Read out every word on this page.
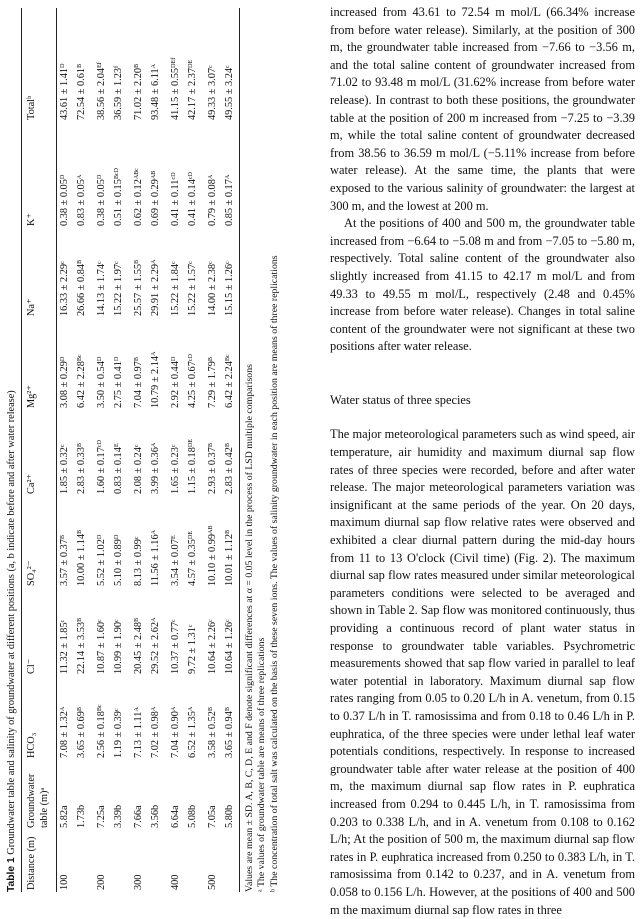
Table 1 Groundwater table and salinity of groundwater at different positions (a, b indicate before and after water release)
Distance (m)	Groundwater table (m)ᵃ	HCO₃	Cl⁻	SO₄²⁻	Ca²⁺	Mg²⁺	Na⁺	K⁺	Totalᵇ
100	5.82a	7.08 ± 1.32ᴬ	11.32 ± 1.85ᶜ	3.57 ± 0.37ᴮ	1.85 ± 0.32ᶜ	3.08 ± 0.29ᴰ	16.33 ± 2.29ᶜ	0.38 ± 0.05ᴰ	43.61 ± 1.41ᴰ
	1.73b	3.65 ± 0.69ᴮ	22.14 ± 3.53ᴮ	10.00 ± 1.14ᴮ	2.83 ± 0.33ᴮ	6.42 ± 2.28ᴮᶜ	26.66 ± 0.84ᴮ	0.83 ± 0.05ᴬ	72.54 ± 0.61ᴮ
200	7.25a	2.56 ± 0.18ᴮᶜ	10.87 ± 1.60ᶜ	5.52 ± 1.02ᴰ	1.60 ± 0.17ᶜᴰ	3.50 ± 0.54ᴰ	14.13 ± 1.74ᶜ	0.38 ± 0.05ᴰ	38.56 ± 2.04ᴱᶠ
	3.39b	1.19 ± 0.39ᶜ	10.99 ± 1.90ᶜ	5.10 ± 0.89ᴰ	0.83 ± 0.14ᴱ	2.75 ± 0.41ᴰ	15.22 ± 1.97ᶜ	0.51 ± 0.15ᴮᶜᴰ	36.59 ± 1.23ᶠ
300	7.66a	7.13 ± 1.11ᴬ	20.45 ± 2.48ᴮ	8.13 ± 0.99ᶜ	2.08 ± 0.24ᶜ	7.04 ± 0.97ᴮ	25.57 ± 1.55ᴮ	0.62 ± 0.12ᴬᴮᶜ	71.02 ± 2.20ᴮ
	3.56b	7.02 ± 0.98ᴬ	29.52 ± 2.62ᴬ	11.56 ± 1.16ᴬ	3.99 ± 0.36ᴬ	10.79 ± 2.14ᴬ	29.91 ± 2.29ᴬ	0.69 ± 0.29ᴬᴮ	93.48 ± 6.11ᴬ
400	6.64a	7.04 ± 0.90ᴬ	10.37 ± 0.77ᶜ	3.54 ± 0.07ᴱ	1.65 ± 0.23ᶜ	2.92 ± 0.44ᴰ	15.22 ± 1.84ᶜ	0.41 ± 0.11ᶜᴰ	41.15 ± 0.55ᴰᴱᶠ
	5.08b	6.52 ± 1.35ᴬ	9.72 ± 1.31ᶜ	4.57 ± 0.35ᴰᴱ	1.15 ± 0.18ᴰᴱ	4.25 ± 0.67ᶜᴰ	15.22 ± 1.57ᶜ	0.41 ± 0.14ᶜᴰ	42.17 ± 2.37ᴰᴱ
500	7.05a	3.58 ± 0.52ᴮ	10.64 ± 2.26ᶜ	10.10 ± 0.99ᴬᴮ	2.93 ± 0.37ᴮ	7.29 ± 1.79ᴮ	14.00 ± 2.38ᶜ	0.79 ± 0.08ᴬ	49.33 ± 3.07ᶜ
	5.80b	3.65 ± 0.94ᴮ	10.64 ± 1.26ᶜ	10.01 ± 1.12ᴮ	2.83 ± 0.42ᴮ	6.42 ± 2.24ᴮᶜ	15.15 ± 1.26ᶜ	0.85 ± 0.17ᴬ	49.55 ± 3.24ᶜ
Values are mean ± SD. A, B, C, D, E and F denote significant differences at α = 0.05 level in the process of LSD multiple comparisons ᵃ The values of groundwater table are means of three replications ᵇ The concentration of total salt was calculated on the basis of these seven ions. The values of salinity groundwater in each position are means of three replications

increased from 43.61 to 72.54 m mol/L (66.34% increase from before water release). Similarly, at the position of 300 m, the groundwater table increased from −7.66 to −3.56 m, and the total saline content of groundwater increased from 71.02 to 93.48 m mol/L (31.62% increase from before water release). In contrast to both these positions, the groundwater table at the position of 200 m increased from −7.25 to −3.39 m, while the total saline content of groundwater decreased from 38.56 to 36.59 m mol/L (−5.11% increase from before water release). At the same time, the plants that were exposed to the various salinity of groundwater: the largest at 300 m, and the lowest at 200 m.

At the positions of 400 and 500 m, the groundwater table increased from −6.64 to −5.08 m and from −7.05 to −5.80 m, respectively. Total saline content of the groundwater also slightly increased from 41.15 to 42.17 m mol/L and from 49.33 to 49.55 m mol/L, respectively (2.48 and 0.45% increase from before water release). Changes in total saline content of the groundwater were not significant at these two positions after water release.

Water status of three species

The major meteorological parameters such as wind speed, air temperature, air humidity and maximum diurnal sap flow rates of three species were recorded, before and after water release. The major meteorological parameters variation was insignificant at the same periods of the year. On 20 days, maximum diurnal sap flow relative rates were observed and exhibited a clear diurnal pattern during the mid-day hours from 11 to 13 O'clock (Civil time) (Fig. 2). The maximum diurnal sap flow rates measured under similar meteorological parameters conditions were selected to be averaged and shown in Table 2. Sap flow was monitored continuously, thus providing a continuous record of plant water status in response to groundwater table variables. Psychrometric measurements showed that sap flow varied in parallel to leaf water potential in laboratory. Maximum diurnal sap flow rates ranging from 0.05 to 0.20 L/h in A. venetum, from 0.15 to 0.37 L/h in T. ramosissima and from 0.18 to 0.46 L/h in P. euphratica, of the three species were under lethal leaf water potentials conditions, respectively. In response to increased groundwater table after water release at the position of 400 m, the maximum diurnal sap flow rates in P. euphratica increased from 0.294 to 0.445 L/h, in T. ramosissima from 0.203 to 0.338 L/h, and in A. venetum from 0.108 to 0.162 L/h; At the position of 500 m, the maximum diurnal sap flow rates in P. euphratica increased from 0.250 to 0.383 L/h, in T. ramosissima from 0.142 to 0.237, and in A. venetum from 0.058 to 0.156 L/h. However, at the positions of 400 and 500 m the maximum diurnal sap flow rates in three
